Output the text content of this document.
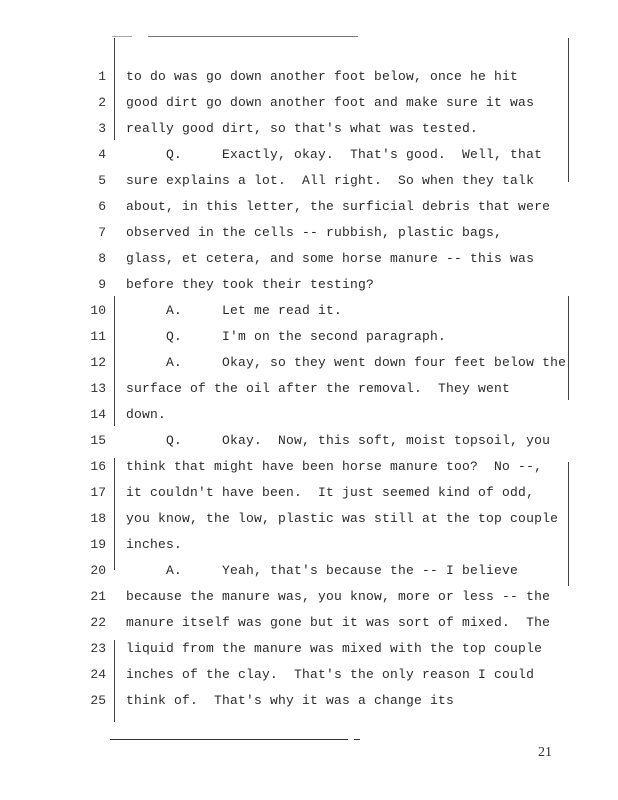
1 to do was go down another foot below, once he hit
2 good dirt go down another foot and make sure it was
3 really good dirt, so that's what was tested.
4 Q.     Exactly, okay.  That's good.  Well, that
5 sure explains a lot.  All right.  So when they talk
6 about, in this letter, the surficial debris that were
7 observed in the cells -- rubbish, plastic bags,
8 glass, et cetera, and some horse manure -- this was
9 before they took their testing?
10 A.     Let me read it.
11 Q.     I'm on the second paragraph.
12 A.     Okay, so they went down four feet below the
13 surface of the oil after the removal.  They went
14 down.
15 Q.     Okay.  Now, this soft, moist topsoil, you
16 think that might have been horse manure too?  No --,
17 it couldn't have been.  It just seemed kind of odd,
18 you know, the low, plastic was still at the top couple
19 inches.
20 A.     Yeah, that's because the -- I believe
21 because the manure was, you know, more or less -- the
22 manure itself was gone but it was sort of mixed.  The
23 liquid from the manure was mixed with the top couple
24 inches of the clay.  That's the only reason I could
25 think of.  That's why it was a change its
21
